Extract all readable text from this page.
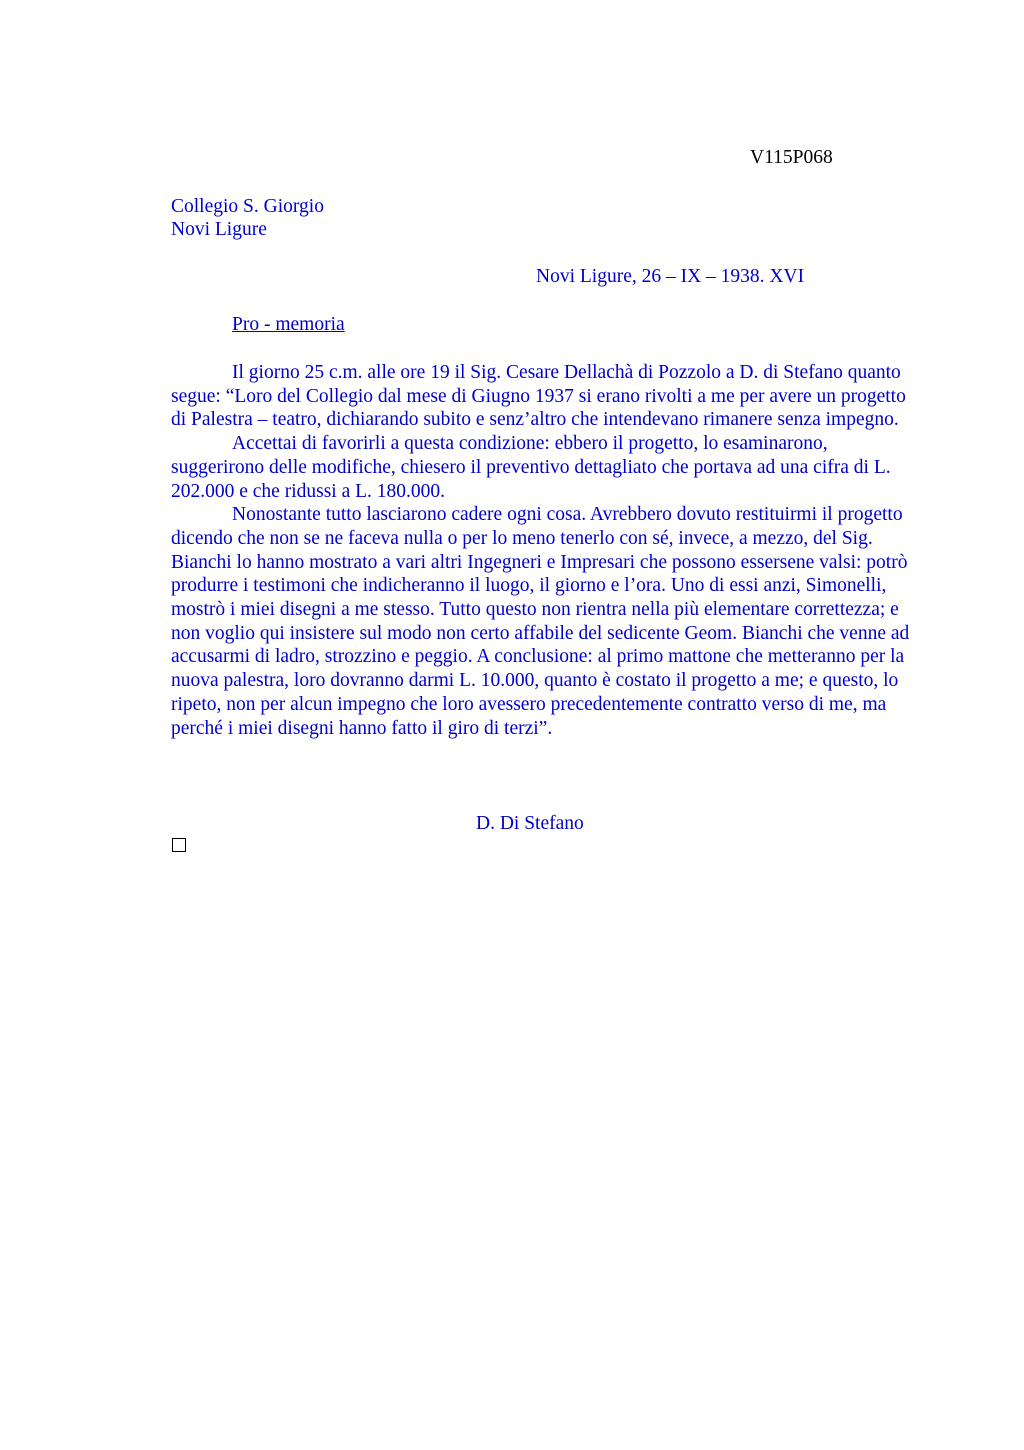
V115P068
Collegio S. Giorgio
Novi Ligure
Novi Ligure, 26 – IX – 1938. XVI
Pro - memoria

Il giorno 25 c.m. alle ore 19 il Sig. Cesare Dellachà di Pozzolo a D. di Stefano quanto segue: “Loro del Collegio dal mese di Giugno 1937 si erano rivolti a me per avere un progetto di Palestra – teatro, dichiarando subito e senz’altro che intendevano rimanere senza impegno.

Accettai di favorirli a questa condizione: ebbero il progetto, lo esaminarono, suggerirono delle modifiche, chiesero il preventivo dettagliato che portava ad una cifra di L. 202.000 e che ridussi a L. 180.000.

Nonostante tutto lasciarono cadere ogni cosa. Avrebbero dovuto restituirmi il progetto dicendo che non se ne faceva nulla o per lo meno tenerlo con sé, invece, a mezzo, del Sig. Bianchi lo hanno mostrato a vari altri Ingegneri e Impresari che possono essersene valsi: potrò produrre i testimoni che indicheranno il luogo, il giorno e l’ora. Uno di essi anzi, Simonelli, mostrò i miei disegni a me stesso. Tutto questo non rientra nella più elementare correttezza; e non voglio qui insistere sul modo non certo affabile del sedicente Geom. Bianchi che venne ad accusarmi di ladro, strozzino e peggio. A conclusione: al primo mattone che metteranno per la nuova palestra, loro dovranno darmi L. 10.000, quanto è costato il progetto a me; e questo, lo ripeto, non per alcun impegno che loro avessero precedentemente contratto verso di me, ma perché i miei disegni hanno fatto il giro di terzi”.

D. Di Stefano
